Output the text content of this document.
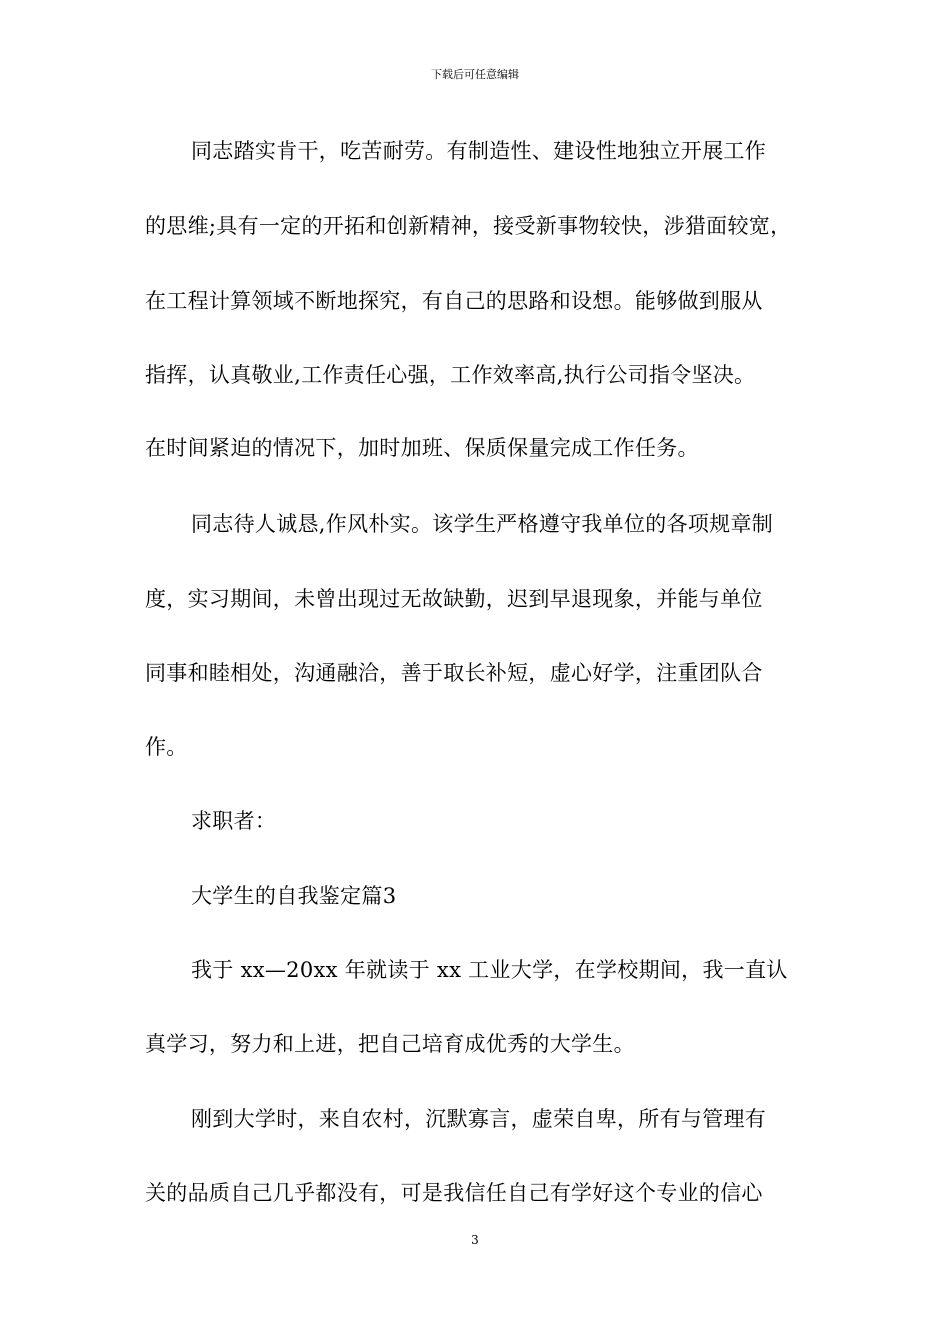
下载后可任意编辑
同志踏实肯干，吃苦耐劳。有制造性、建设性地独立开展工作
的思维;具有一定的开拓和创新精神，接受新事物较快，涉猎面较宽，
在工程计算领域不断地探究，有自己的思路和设想。能够做到服从
指挥，认真敬业,工作责任心强，工作效率高,执行公司指令坚决。
在时间紧迫的情况下，加时加班、保质保量完成工作任务。
同志待人诚恳,作风朴实。该学生严格遵守我单位的各项规章制
度，实习期间，未曾出现过无故缺勤，迟到早退现象，并能与单位
同事和睦相处，沟通融洽，善于取长补短，虚心好学，注重团队合
作。
求职者：
大学生的自我鉴定篇3
我于 xx—20xx 年就读于 xx 工业大学，在学校期间，我一直认
真学习，努力和上进，把自己培育成优秀的大学生。
刚到大学时，来自农村，沉默寡言，虚荣自卑，所有与管理有
关的品质自己几乎都没有，可是我信任自己有学好这个专业的信心
3
